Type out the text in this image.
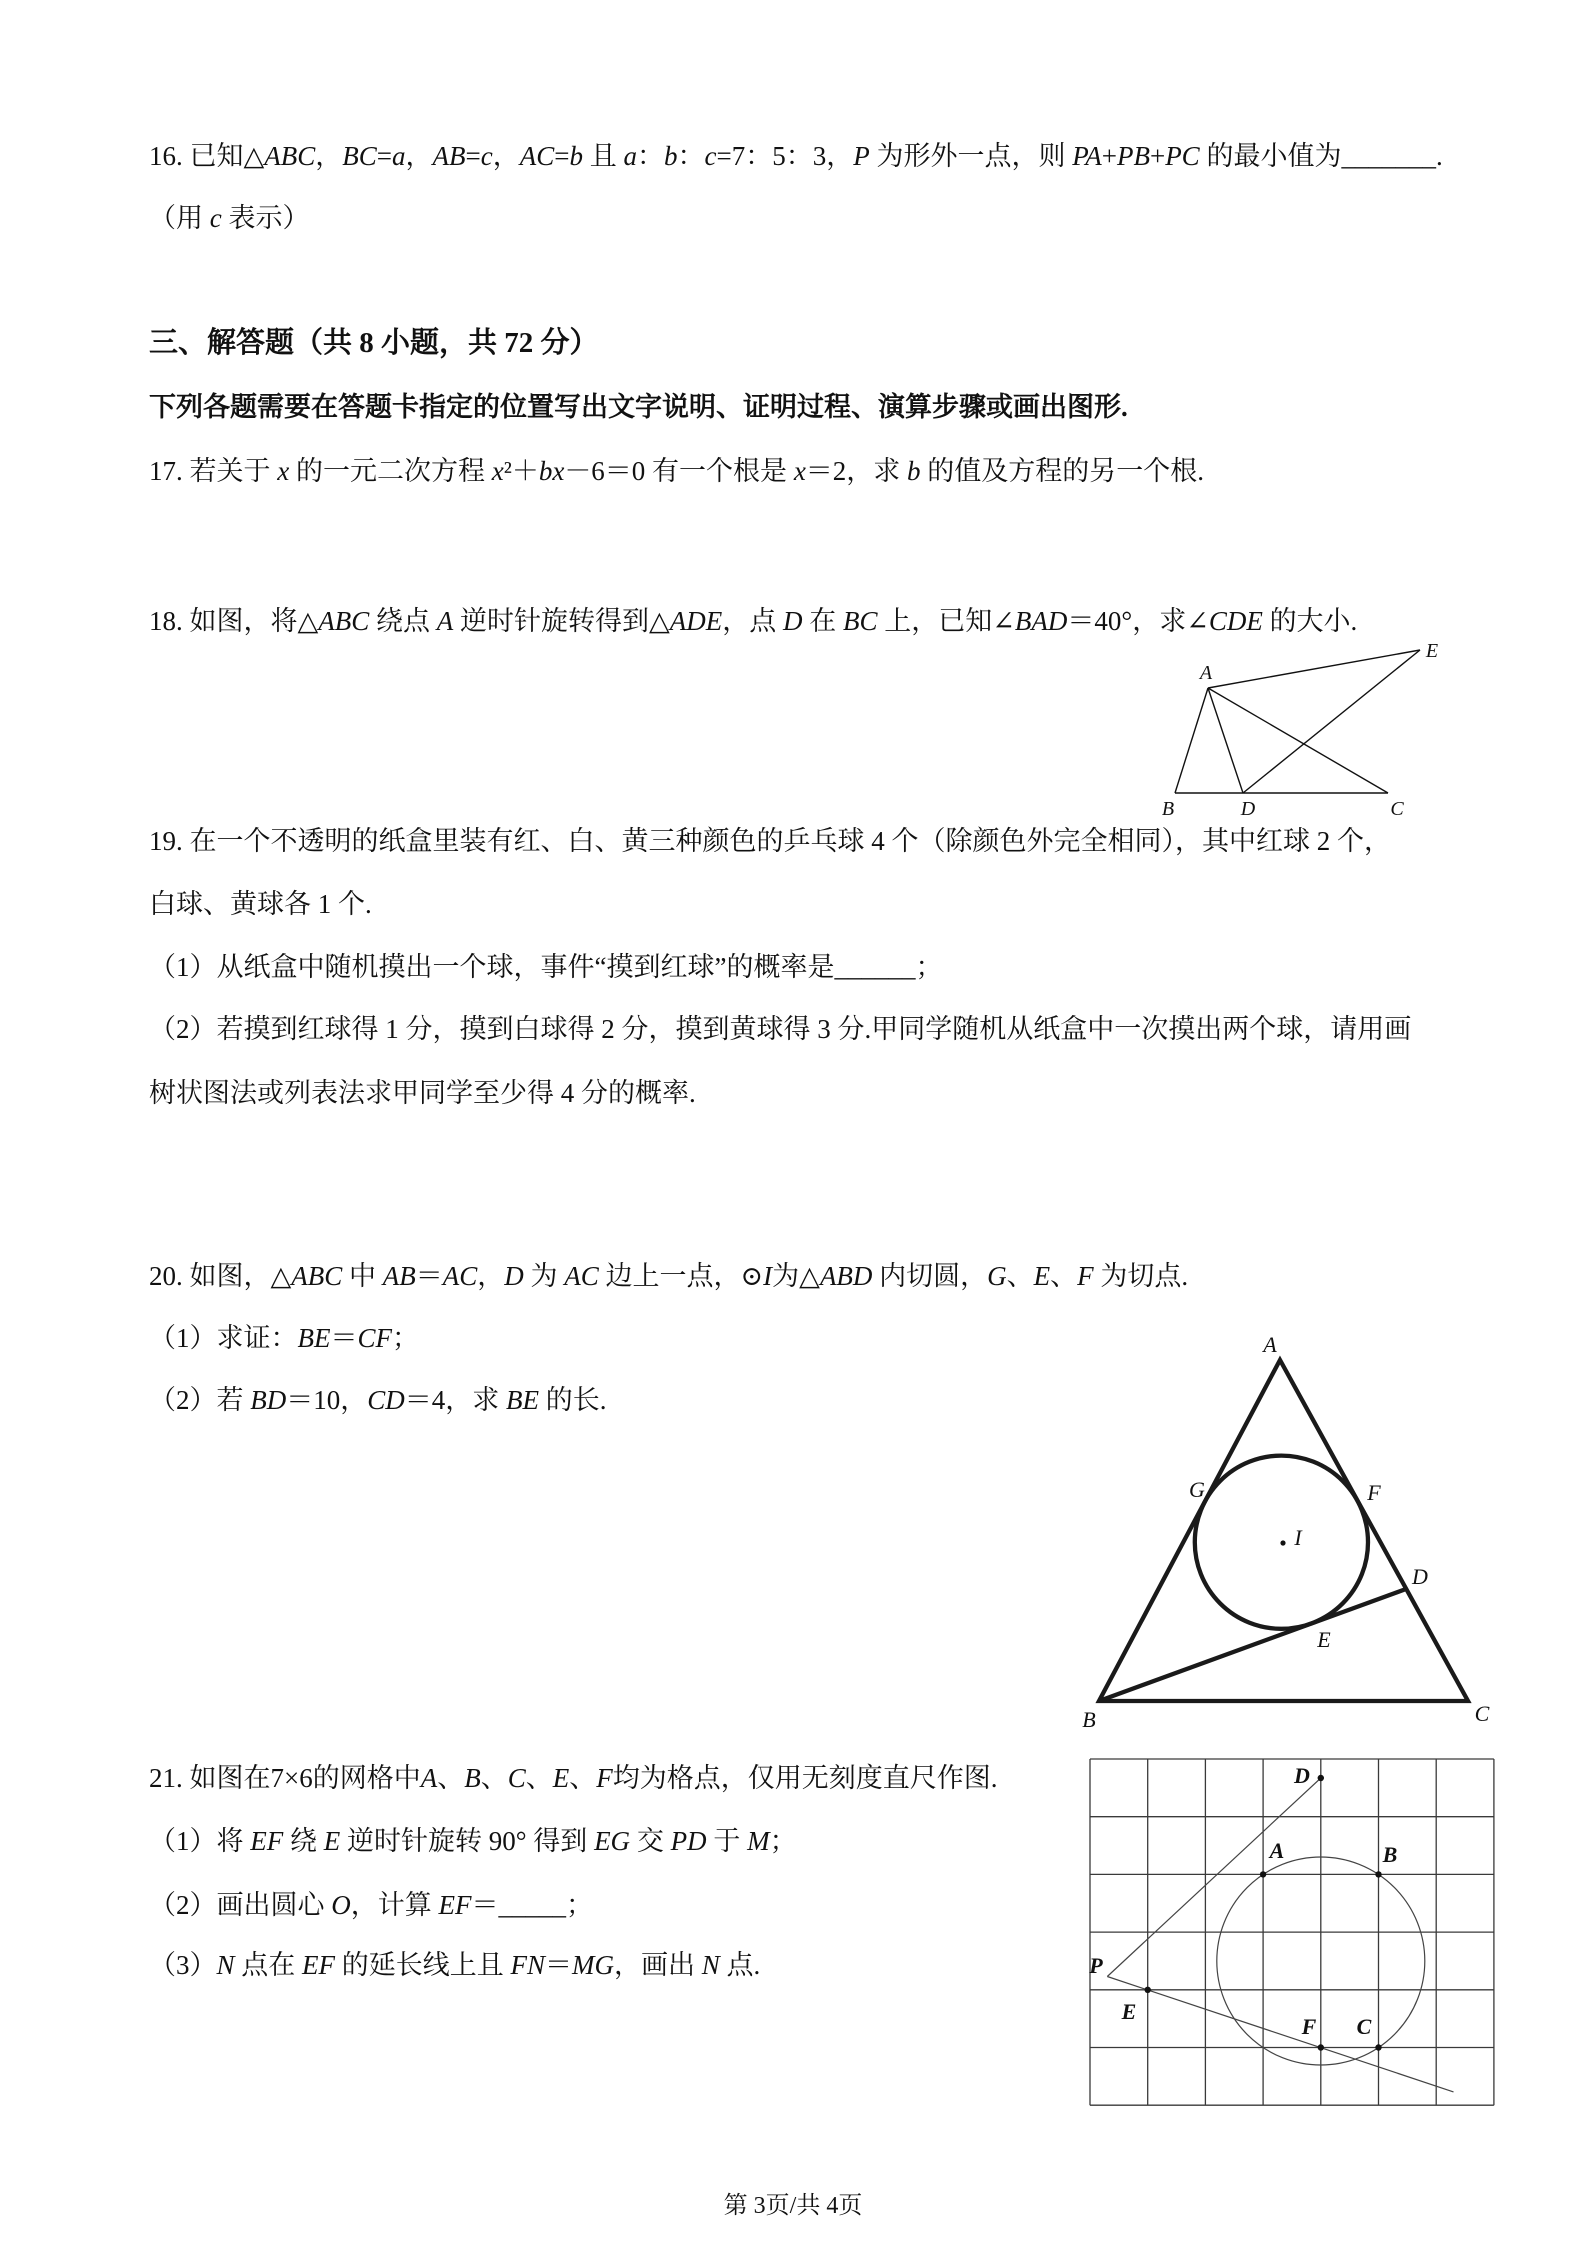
16. 已知△ABC，BC=a，AB=c，AC=b 且 a：b：c=7：5：3，P 为形外一点，则 PA+PB+PC 的最小值为_______.
（用 c 表示）
三、解答题（共 8 小题，共 72 分）
下列各题需要在答题卡指定的位置写出文字说明、证明过程、演算步骤或画出图形.
17. 若关于 x 的一元二次方程 x²＋bx－6＝0 有一个根是 x＝2，求 b 的值及方程的另一个根.
18. 如图，将△ABC 绕点 A 逆时针旋转得到△ADE，点 D 在 BC 上，已知∠BAD＝40°，求∠CDE 的大小.
A
E
B	D	C
19. 在一个不透明的纸盒里装有红、白、黄三种颜色的乒乓球 4 个（除颜色外完全相同），其中红球 2 个，
白球、黄球各 1 个.
（1）从纸盒中随机摸出一个球，事件“摸到红球”的概率是______；
（2）若摸到红球得 1 分，摸到白球得 2 分，摸到黄球得 3 分.甲同学随机从纸盒中一次摸出两个球，请用画
树状图法或列表法求甲同学至少得 4 分的概率.
20. 如图，△ABC 中 AB＝AC，D 为 AC 边上一点，⊙I为△ABD 内切圆，G、E、F 为切点.
（1）求证：BE＝CF；
（2）若 BD＝10，CD＝4，求 BE 的长.
A
G	F
I
D
E
B	C
21. 如图在7×6的网格中A、B、C、E、F均为格点，仅用无刻度直尺作图.
（1）将 EF 绕 E 逆时针旋转 90° 得到 EG 交 PD 于 M；
（2）画出圆心 O，计算 EF＝_____；
（3）N 点在 EF 的延长线上且 FN＝MG，画出 N 点.
D
A	B
P
E
F C
第 3页/共 4页
